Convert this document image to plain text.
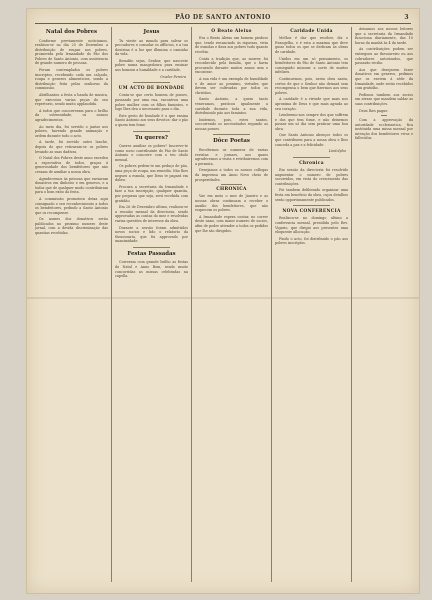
PÃO DE SANTO ANTONIO	3
Natal dos Pobres

Conforme previamente noticiamos, realizou-se no dia 25 de Dezembro a distribuição de roupas aos pobres, promovida pela Irmandade do Pão dos Pobres de Santo Antonio, com assistencia de grande numero de pessoas.

Foram contemplados os pobres inscriptos, recebendo cada um calçado, roupa e generos alimenticios, sendo a distribuição feita pelas senhoras da commissão.

Abrilhantou a festa a banda de musica, que executou varias peças do seu repertorio, sendo muito applaudida.

A todos que concorreram para o brilho da solemnidade, os nossos agradecimentos.

Ao meio dia, foi servido o jantar aos pobres, havendo grande animação e ordem durante todo o acto.

A tarde, foi servido outro lanche, depois do que retiraram-se os pobres levando as suas dadivas.

O Natal dos Pobres deste anno excedeu a espectativa de todos, graças á generosidade dos bemfeitores que não cessam de auxiliar a nossa obra.

Agradecemos ás pessoas que enviaram donativos em dinheiro e em generos, e a todos que de qualquer modo contribuiram para o bom exito da festa.

A commissão promotora deixa aqui consignado o seu reconhecimento a todos os bemfeitores, pedindo a Santo Antonio que os recompense.

Os nomes dos donativos serão publicados no proximo numero deste jornal, com a devida discriminação das quantias recebidas.

Jesus

Tu vieste ao mundo para salvar os peccadores e consolar os afflictos, e a tua doutrina é a luz que illumina o caminho da vida.

Bemdito sejas, Senhor, que nasceste pobre numa mangedoura para ensinar aos homens a humildade e a caridade.

Orador Pereira
UM ACTO DE BONDADE

Conta-se que certo homem de posses, passando por uma rua, encontrou uma pobre mulher com os filhos famintos, e logo lhes deu o necessario para o dia.

Este gesto de bondade é o que ensina Santo Antonio aos seus devotos: dar o pão a quem tem fome.

Tu queres?

Queres auxiliar os pobres? Inscreve-te como socio contribuinte do Pão de Santo Antonio e concorre com o teu obolo mensal.

Os pobres pedem-te um pedaço de pão, uma peça de roupa, um remedio. Não lhes negues a esmola, que Deus te pagará em dobro.

Procura a secretaria da Irmandade e faze a tua inscripção; qualquer quantia, por pequena que seja, será recebida com gratidão.

Em 26 de Dezembro ultimo, realizou-se a reunião mensal da directoria, sendo approvadas as contas do mez e resolvidas varias questões de interesse da obra.

Durante a sessão foram admittidos novos socios e lido o relatorio da thesouraria, que foi approvado por unanimidade.

Festas Passadas

Correram com grande brilho as festas do Natal e Anno Bom, sendo muito concorridas as missas celebradas na capella.

O Beato Aleixo

Era o Beato Aleixo um homem piedoso que, tendo renunciado ás riquezas, vivia de esmolas e dava aos pobres tudo quanto recebia.

Conta a tradição que, ao morrer, foi reconhecido pela familia, que o havia procurado durante muitos annos sem o encontrar.

A sua vida é um exemplo de humildade e de amor ao proximo, virtudes que devem ser cultivadas por todos os christãos.

Santo Antonio, a quem tanto veneramos, praticou igualmente a caridade durante toda a sua vida, distribuindo pão aos famintos.

Imitemos, pois, estes santos, soccorrendo os necessitados segundo as nossas posses.

Dôce Poetas

Recebemos os numeros de varias revistas e jornaes, aos quaes agradecemos a visita e retribuiremos com a permuta.

Desejamos a todos os nossos collegas da imprensa um Anno Novo cheio de prosperidades.

CHRONICA

Vae em meio o mez de Janeiro e as nossas obras continuam a receber o auxilio dos bemfeitores, que não esquecem os pobres.

A Irmandade espera contar, no correr deste anno, com maior numero de socios, afim de poder attender a todos os pedidos que lhe são dirigidos.

Caridade Unida

Melhor é dar que receber, diz o Evangelho, e é esta a maxima que deve guiar todos os que se dedicam ás obras de caridade.

Unidos em um só pensamento, os bemfeitores do Pão de Santo Antonio tem conseguido minorar a sorte de muitos infelizes.

Continuemos, pois, nesta obra santa, certos de que o Senhor não deixará sem recompensa o bem que fizermos aos seus pobres.

A caridade é a virtude que mais nos aproxima de Deus e que mais agrada ao seu coração.

Lembremo-nos sempre dos que soffrem e dos que tem fome, e não deixemos passar um só dia sem praticar uma boa obra.

Que Santo Antonio abençoe todos os que contribuem para a nossa obra e lhes conceda a paz e a felicidade.

Lindolpho
Chronica

Em sessão da directoria foi resolvido augmentar o numero de pobres socorridos, em vista do crescimento das contribuições.

Foi tambem deliberado organizar uma festa em beneficio da obra, cujos detalhes serão opportunamente publicados.

NOVA CONFERENCIA

Realizou-se no domingo ultimo a conferencia mensal, presidida pelo Rev. Vigario, que dirigiu aos presentes uma eloquente allocução.

Findo o acto, foi distribuido o pão aos pobres inscriptos.

Avisamos aos nossos leitores que a secretaria da Irmandade funcciona diariamente, das 10 horas da manhã ás 4 da tarde.

As contribuições podem ser entregues ao thesoureiro ou aos cobradores autorizados, que passarão recibo.

Aos que desejarem fazer donativos em generos, pedimos que os enviem á séde da Irmandade, onde serão recebidos com gratidão.

Pedimos tambem aos socios em atrazo que mandem saldar as suas contribuições.

Deus lhes pague.

Com a approvação da autoridade ecclesiastica, fica instituida uma missa mensal por intenção dos bemfeitores vivos e fallecidos.
